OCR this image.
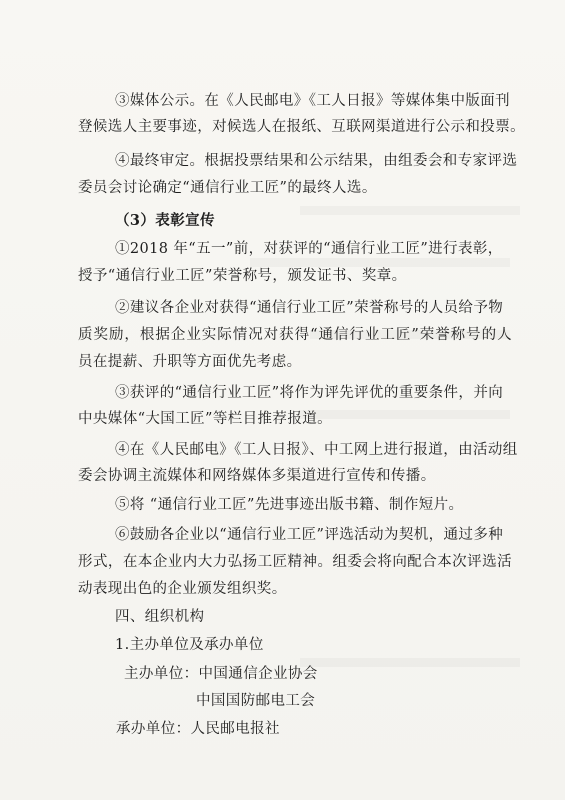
③媒体公示。在《人民邮电》《工人日报》等媒体集中版面刊
登候选人主要事迹，对候选人在报纸、互联网渠道进行公示和投票。
④最终审定。根据投票结果和公示结果，由组委会和专家评选
委员会讨论确定“通信行业工匠”的最终人选。
（3）表彰宣传
①2018 年“五一”前，对获评的“通信行业工匠”进行表彰，
授予“通信行业工匠”荣誉称号，颁发证书、奖章。
②建议各企业对获得“通信行业工匠”荣誉称号的人员给予物
质奖励，根据企业实际情况对获得“通信行业工匠”荣誉称号的人
员在提薪、升职等方面优先考虑。
③获评的“通信行业工匠”将作为评先评优的重要条件，并向
中央媒体“大国工匠”等栏目推荐报道。
④在《人民邮电》《工人日报》、中工网上进行报道，由活动组
委会协调主流媒体和网络媒体多渠道进行宣传和传播。
⑤将 “通信行业工匠”先进事迹出版书籍、制作短片。
⑥鼓励各企业以“通信行业工匠”评选活动为契机，通过多种
形式，在本企业内大力弘扬工匠精神。组委会将向配合本次评选活
动表现出色的企业颁发组织奖。
四、组织机构
1.主办单位及承办单位
主办单位：中国通信企业协会
中国国防邮电工会
承办单位：人民邮电报社
